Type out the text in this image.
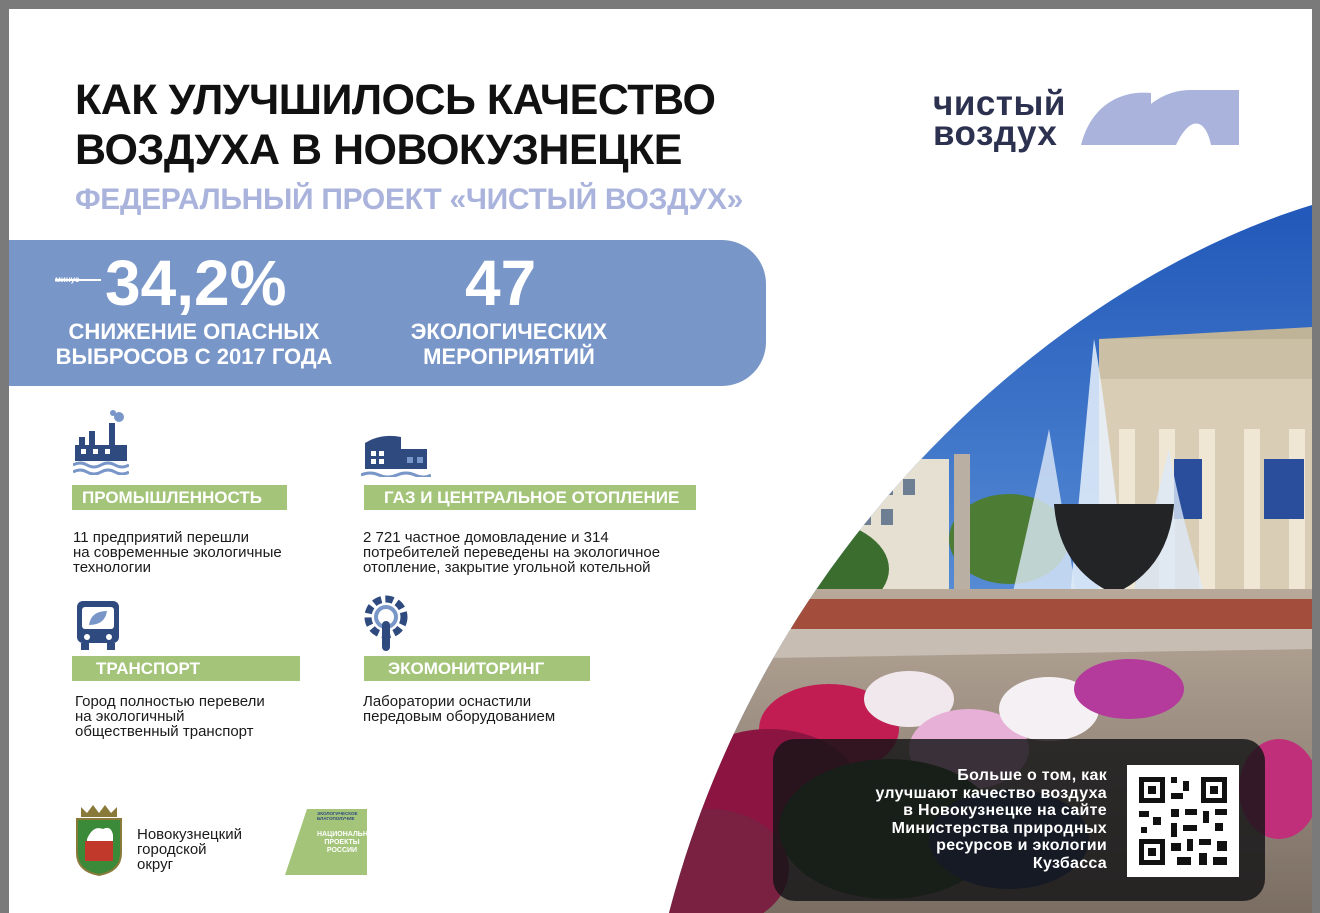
КАК УЛУЧШИЛОСЬ КАЧЕСТВО
ВОЗДУХА В НОВОКУЗНЕЦКЕ
ФЕДЕРАЛЬНЫЙ ПРОЕКТ «ЧИСТЫЙ ВОЗДУХ»
чистый
воздух
34,2%
СНИЖЕНИЕ ОПАСНЫХ
ВЫБРОСОВ С 2017 ГОДА
47
ЭКОЛОГИЧЕСКИХ
МЕРОПРИЯТИЙ
ПРОМЫШЛЕННОСТЬ
11 предприятий перешли
на современные экологичные
технологии
ГАЗ И ЦЕНТРАЛЬНОЕ ОТОПЛЕНИЕ
2 721 частное домовладение и 314
потребителей переведены на экологичное
отопление, закрытие угольной котельной
ТРАНСПОРТ
Город полностью перевели
на экологичный
общественный транспорт
ЭКОМОНИТОРИНГ
Лаборатории оснастили
передовым оборудованием
Новокузнецкий
городской
округ
ЭКОЛОГИЧЕСКОЕ
БЛАГОПОЛУЧИЕ
НАЦИОНАЛЬНЫЕ
ПРОЕКТЫ
РОССИИ
Больше о том, как
улучшают качество воздуха
в Новокузнецке на сайте
Министерства природных
ресурсов и экологии
Кузбасса
